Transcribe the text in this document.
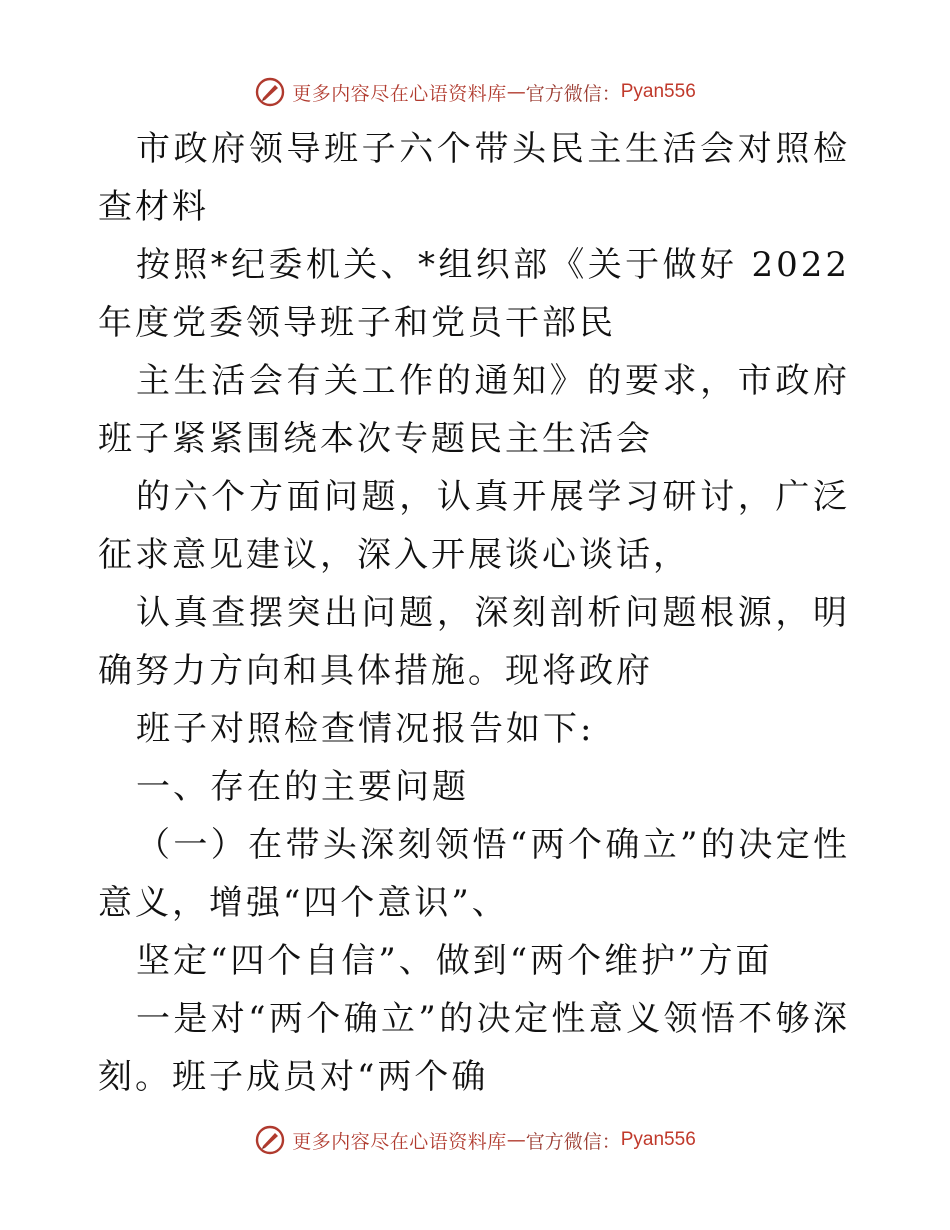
更多内容尽在心语资料库 — 官方微信： Pyan556

市政府领导班子六个带头民主生活会对照检查材料

按照*纪委机关、*组织部《关于做好 2022 年度党委领导班子和党员干部民

主生活会有关工作的通知》的要求，市政府班子紧紧围绕本次专题民主生活会

的六个方面问题，认真开展学习研讨，广泛征求意见建议，深入开展谈心谈话，

认真查摆突出问题，深刻剖析问题根源，明确努力方向和具体措施。现将政府

班子对照检查情况报告如下:

一、存在的主要问题

（一）在带头深刻领悟“两个确立”的决定性意义，增强“四个意识”、

坚定“四个自信”、做到“两个维护”方面

一是对“两个确立”的决定性意义领悟不够深刻。班子成员对“两个确

更多内容尽在心语资料库 — 官方微信： Pyan556
